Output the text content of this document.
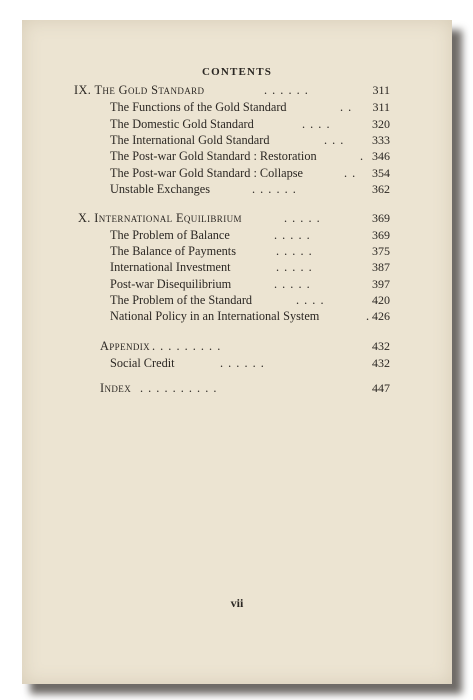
CONTENTS
IX. The Gold Standard	. . . . . .	311
The Functions of the Gold Standard	. . 311
The Domestic Gold Standard	. . . .	320
The International Gold Standard	. . . 333
The Post-war Gold Standard : Restoration	. 346
The Post-war Gold Standard : Collapse	. . 354
Unstable Exchanges	. . . . . .	362
X. International Equilibrium	. . . . .	369
The Problem of Balance	. . . . .	369
The Balance of Payments	. . . . .	375
International Investment	. . . . .	387
Post-war Disequilibrium	. . . . .	397
The Problem of the Standard	. . . .	420
National Policy in an International System	. 426
Appendix . . . . . . . . .	432
Social Credit	. . . . . .	432
Index . . . . . . . . . .	447
vii
